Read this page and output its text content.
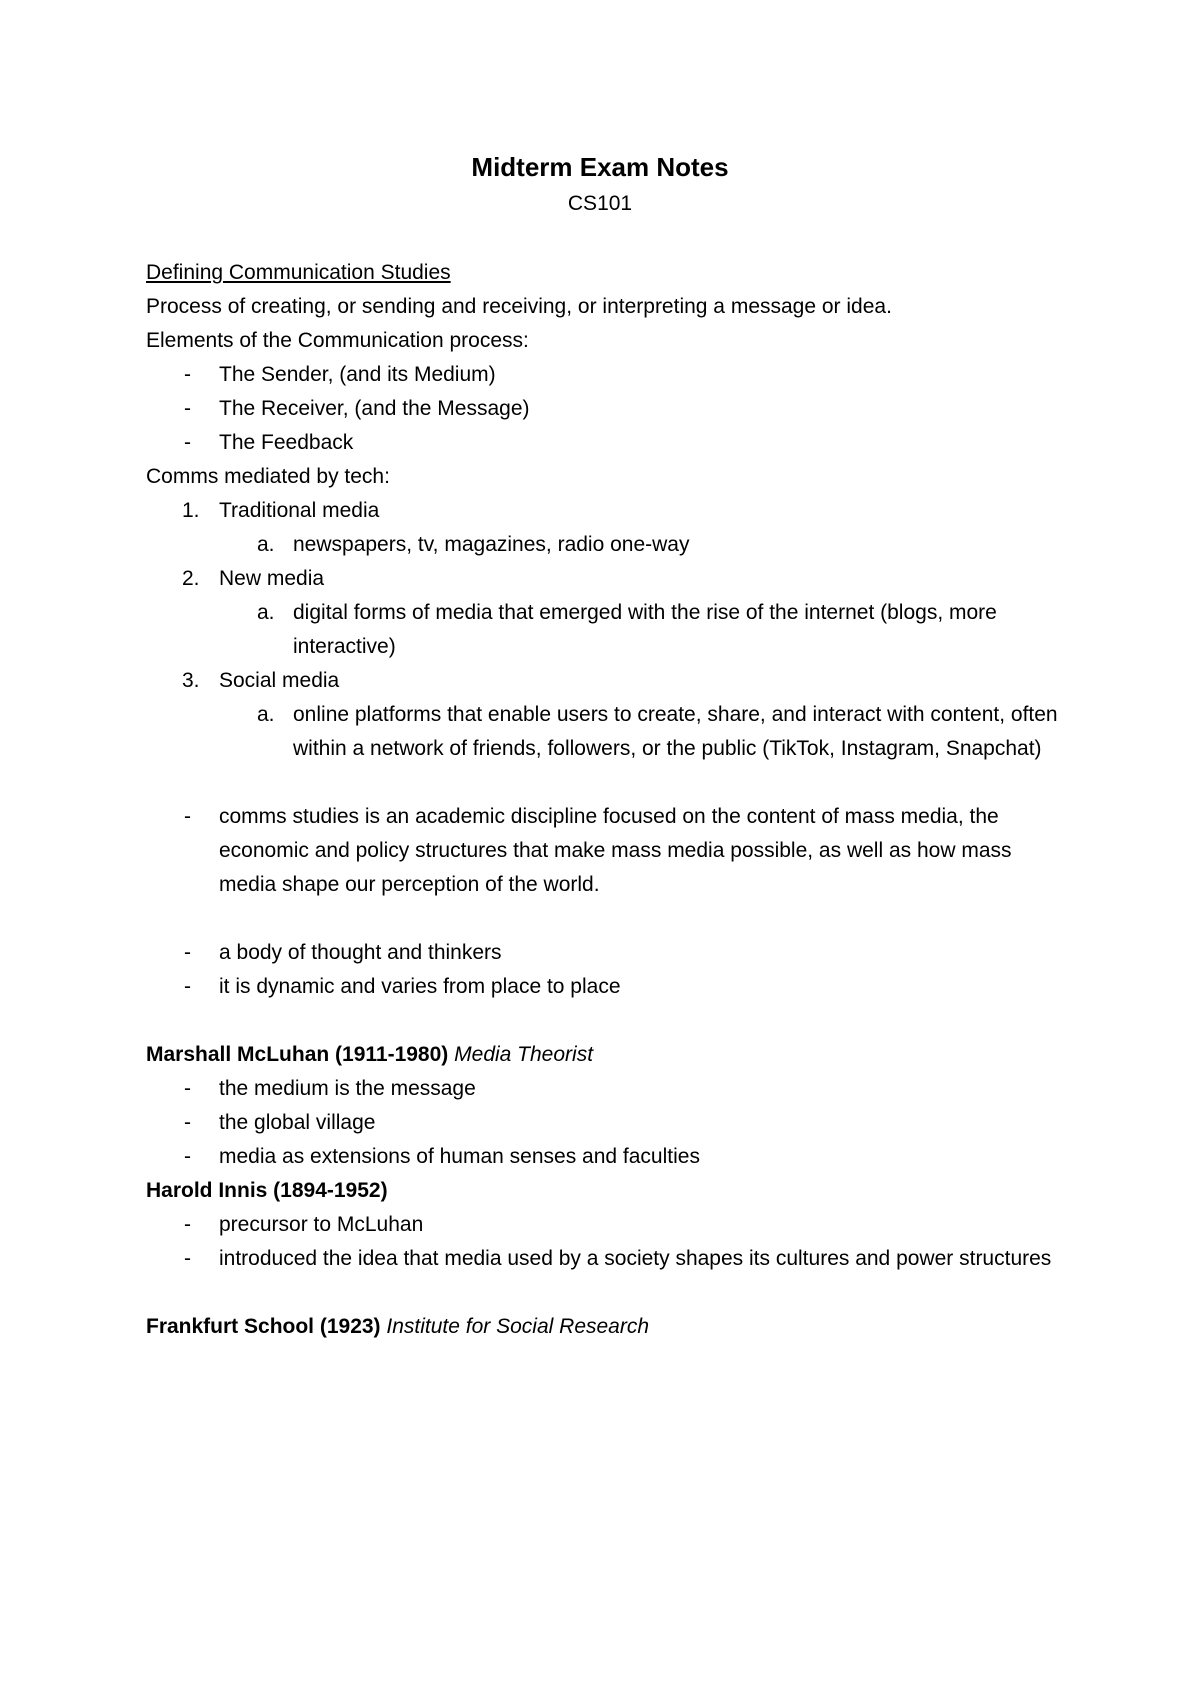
Midterm Exam Notes
CS101
Defining Communication Studies
Process of creating, or sending and receiving, or interpreting a message or idea.
Elements of the Communication process:
- The Sender, (and its Medium)
- The Receiver, (and the Message)
- The Feedback
Comms mediated by tech:
1. Traditional media
a. newspapers, tv, magazines, radio one-way
2. New media
a. digital forms of media that emerged with the rise of the internet (blogs, more interactive)
3. Social media
a. online platforms that enable users to create, share, and interact with content, often within a network of friends, followers, or the public (TikTok, Instagram, Snapchat)
- comms studies is an academic discipline focused on the content of mass media, the economic and policy structures that make mass media possible, as well as how mass media shape our perception of the world.
- a body of thought and thinkers
- it is dynamic and varies from place to place
Marshall McLuhan (1911-1980) Media Theorist
- the medium is the message
- the global village
- media as extensions of human senses and faculties
Harold Innis (1894-1952)
- precursor to McLuhan
- introduced the idea that media used by a society shapes its cultures and power structures
Frankfurt School (1923) Institute for Social Research
